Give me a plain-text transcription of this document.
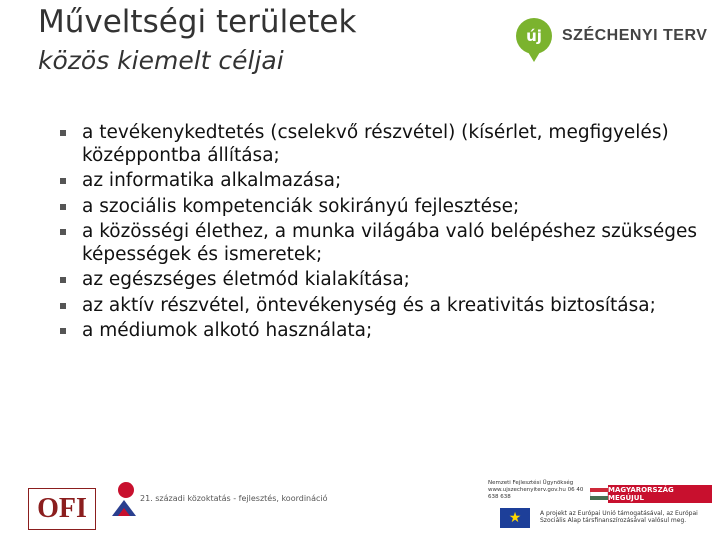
Műveltségi területek
közös kiemelt céljai
új	SZÉCHENYI TERV
a tevékenykedtetés (cselekvő részvétel) (kísérlet, megfigyelés) középpontba állítása;
az informatika alkalmazása;
a szociális kompetenciák sokirányú fejlesztése;
a közösségi élethez, a munka világába való belépéshez szükséges képességek és ismeretek;
az egészséges életmód kialakítása;
az aktív részvétel, öntevékenység és a kreativitás biztosítása;
a médiumok alkotó használata;
OFI	21. századi közoktatás - fejlesztés, koordináció
Nemzeti Fejlesztési Ügynökség www.ujszechenyiterv.gov.hu 06 40 638 638
MAGYARORSZÁG MEGÚJUL
★	A projekt az Európai Unió támogatásával, az Európai Szociális Alap társfinanszírozásával valósul meg.
